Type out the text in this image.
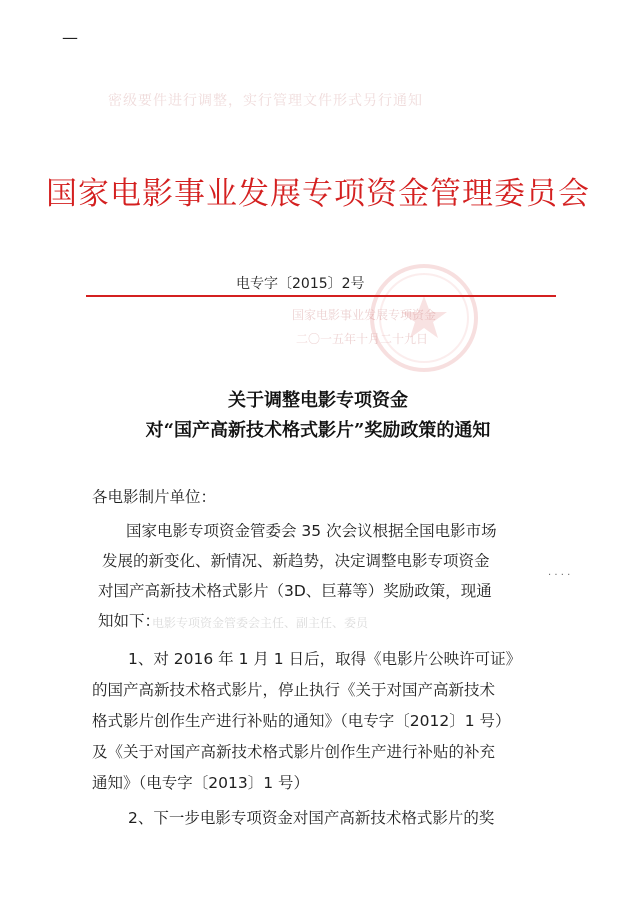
—
密级要件进行调整，实行管理文件形式另行通知
国家电影事业发展专项资金管理委员会
国家电影事业发展专项资金
二〇一五年十月二十九日
电专字〔2015〕2号
关于调整电影专项资金
对“国产高新技术格式影片”奖励政策的通知
各电影制片单位：
国家电影专项资金管委会 35 次会议根据全国电影市场
发展的新变化、新情况、新趋势，决定调整电影专项资金
. . . .
对国产高新技术格式影片（3D、巨幕等）奖励政策，现通
知如下：
电影专项资金管委会主任、副主任、委员
1、对 2016 年 1 月 1 日后，取得《电影片公映许可证》
的国产高新技术格式影片，停止执行《关于对国产高新技术
格式影片创作生产进行补贴的通知》（电专字〔2012〕1 号）
及《关于对国产高新技术格式影片创作生产进行补贴的补充
通知》（电专字〔2013〕1 号）
2、下一步电影专项资金对国产高新技术格式影片的奖
